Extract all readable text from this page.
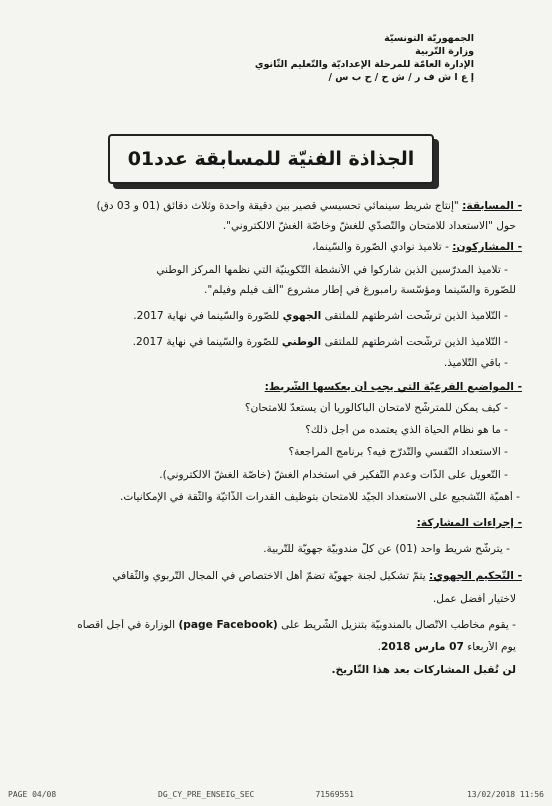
الجمهوريّة التونسيّة
وزارة التّربية
الإدارة العامّة للمرحلة الإعداديّة والتّعليم الثّانوي
إ ع ا ش ف ر / ش ح / ح ب س /
الجذاذة الفنيّة للمسابقة عدد01

- المسابقة: "إنتاج شريط سينمائي تحسيسي قصير بين دقيقة واحدة وثلاث دقائق (01 و 03 دق)

حول "الاستعداد للامتحان والتّصدّي للغشّ وخاصّة الغشّ الالكتروني".

- المشاركون: - تلاميذ نوادي الصّورة والسّينما،

- تلاميذ المدرّسين الذين شاركوا في الأنشطة التّكوينيّة التي نظّمها المركز الوطني

للصّورة والسّينما ومؤسّسة رامبورغ في إطار مشروع "ألف فيلم وفيلم".

- التّلاميذ الذين ترشّحت أشرطتهم للملتقى الجهوي للصّورة والسّينما في نهاية 2017.

- التّلاميذ الذين ترشّحت أشرطتهم للملتقى الوطني للصّورة والسّينما في نهاية 2017.

- باقي التّلاميذ.

- المواضيع الفرعيّة التي يجب أن يعكسها الشّريط:

- كيف يمكن للمترشّح لامتحان الباكالوريا أن يستعدّ للامتحان؟

- ما هو نظام الحياة الذي يعتمده من أجل ذلك؟

- الاستعداد النّفسي والتّدرّج فيه؟ برنامج المراجعة؟

- التّعويل على الذّات وعدم التّفكير في استخدام الغشّ (خاصّة الغشّ الالكتروني).

- أهميّة التّشجيع على الاستعداد الجيّد للامتحان بتوظيف القدرات الذّاتيّة والثّقة في الإمكانيات.

- إجراءات المشاركة:

- يترشّح شريط واحد (01) عن كلّ مندوبيّة جهويّة للتّربية.

- التّحكيم الجهوي: يتمّ تشكيل لجنة جهويّة تضمّ أهل الاختصاص في المجال التّربوي والثّقافي

لاختيار أفضل عمل.

- يقوم مخاطب الاتّصال بالمندوبيّة بتنزيل الشّريط على (page Facebook) الوزارة في أجل أقصاه

يوم الأربعاء 07 مارس 2018.

لن تُقبل المشاركات بعد هذا التّاريخ.

13/02/2018 11:56
71569551
DG_CY_PRE_ENSEIG_SEC
PAGE 04/08
